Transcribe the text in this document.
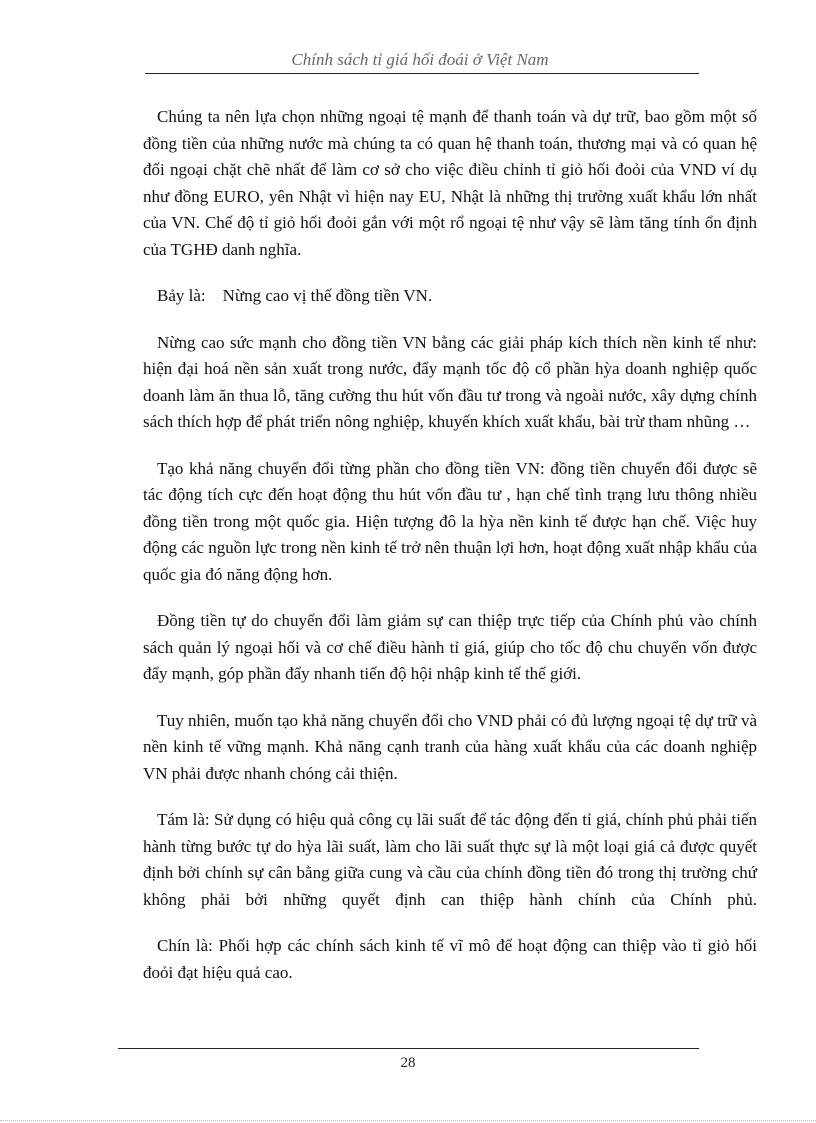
Chính sách tỉ giá hối đoái ở Việt Nam

Chúng ta nên lựa chọn những ngoại tệ mạnh để thanh toán và dự trữ, bao gồm một số đồng tiền của những nước mà chúng ta có quan hệ thanh toán, thương mại và có quan hệ đối ngoại chặt chẽ nhất để làm cơ sở cho việc điều chỉnh tỉ giỏ hối đoỏi của VND ví dụ như đồng EURO, yên Nhật vì hiện nay EU, Nhật là những thị trường xuất khẩu lớn nhất của VN. Chế độ tỉ giỏ hối đoỏi gắn với một rổ ngoại tệ như vậy sẽ làm tăng tính ổn định của TGHĐ danh nghĩa.

Bảy là:    Nừng cao vị thế đồng tiền VN.

Nừng cao sức mạnh cho đồng tiền VN bằng các giải pháp kích thích nền kinh tế như: hiện đại hoá nền sản xuất trong nước, đẩy mạnh tốc độ cổ phần hỳa doanh nghiệp quốc doanh làm ăn thua lỗ, tăng cường thu hút vốn đầu tư trong và ngoài nước, xây dựng chính sách thích hợp để phát triển nông nghiệp, khuyến khích xuất khẩu, bài trừ tham nhũng …

Tạo khả năng chuyển đổi từng phần cho đồng tiền VN: đồng tiền chuyển đổi được sẽ tác động tích cực đến hoạt động thu hút vốn đầu tư , hạn chế tình trạng lưu thông nhiều đồng tiền trong một quốc gia. Hiện tượng đô la hỳa nền kinh tế được hạn chế. Việc huy động các nguồn lực trong nền kinh tế trở nên thuận lợi hơn, hoạt động xuất nhập khẩu của quốc gia đó năng động hơn.

Đồng tiền tự do chuyển đổi làm giảm sự can thiệp trực tiếp của Chính phủ vào chính sách quản lý ngoại hối và cơ chế điều hành tỉ giá, giúp cho tốc độ chu chuyển vốn được đẩy mạnh, góp phần đẩy nhanh tiến độ hội nhập kinh tế thế giới.

Tuy nhiên, muốn tạo khả năng chuyển đổi cho VND phải có đủ lượng ngoại tệ dự trữ và nền kinh tế vững mạnh. Khả năng cạnh tranh của hàng xuất khẩu của các doanh nghiệp VN phải được nhanh chóng cải thiện.

Tám là: Sử dụng có hiệu quả công cụ lãi suất để tác động đến tỉ giá, chính phủ phải tiến hành từng bước tự do hỳa lãi suất, làm cho lãi suất thực sự là một loại giá cả được quyết định bởi chính sự cân bằng giữa cung và cầu của chính đồng tiền đó trong thị trường chứ không phải bởi những quyết định can thiệp hành chính của Chính phủ.

Chín là: Phối hợp các chính sách kinh tế vĩ mô để hoạt động can thiệp vào tỉ giỏ hối đoỏi đạt hiệu quả cao.

28
